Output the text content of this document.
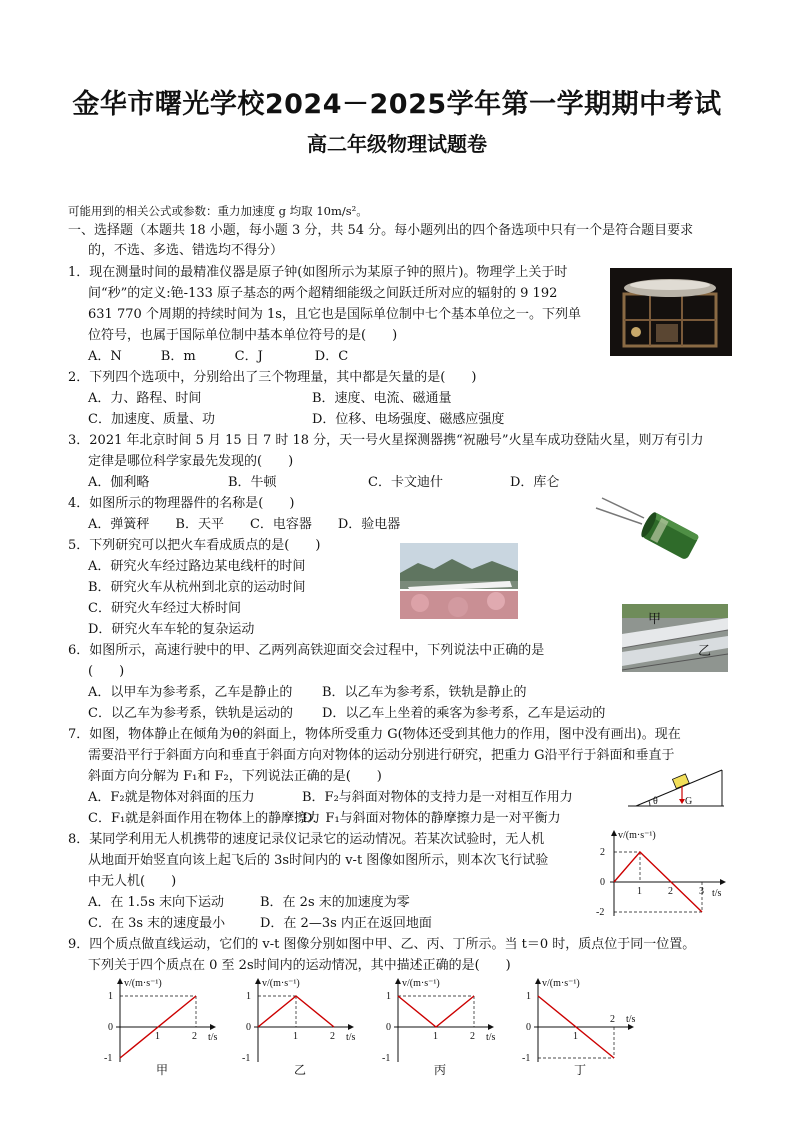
金华市曙光学校2024－2025学年第一学期期中考试
高二年级物理试题卷
可能用到的相关公式或参数：重力加速度 g 均取 10m/s²。
一、选择题（本题共 18 小题，每小题 3 分，共 54 分。每小题列出的四个备选项中只有一个是符合题目要求
的，不选、多选、错选均不得分）
1．现在测量时间的最精准仪器是原子钟(如图所示为某原子钟的照片)。物理学上关于时
间“秒”的定义:铯-133 原子基态的两个超精细能级之间跃迁所对应的辐射的 9 192
631 770 个周期的持续时间为 1s，且它也是国际单位制中七个基本单位之一。下列单
位符号，也属于国际单位制中基本单位符号的是(　　)
A．N　　　B．m　　　C．J　　　　D．C
2．下列四个选项中，分别给出了三个物理量，其中都是矢量的是(　　)
A．力、路程、时间	B．速度、电流、磁通量
C．加速度、质量、功	D．位移、电场强度、磁感应强度
3．2021 年北京时间 5 月 15 日 7 时 18 分，天一号火星探测器携“祝融号”火星车成功登陆火星，则万有引力
定律是哪位科学家最先发现的(　　)
A．伽利略	B．牛顿	C．卡文迪什	D．库仑
4．如图所示的物理器件的名称是(　　)
A．弹簧秤　　B．天平　　C．电容器　　D．验电器
5．下列研究可以把火车看成质点的是(　　)
A．研究火车经过路边某电线杆的时间
B．研究火车从杭州到北京的运动时间
C．研究火车经过大桥时间
D．研究火车车轮的复杂运动
6．如图所示，高速行驶中的甲、乙两列高铁迎面交会过程中，下列说法中正确的是
(　　)
A．以甲车为参考系，乙车是静止的 B．以乙车为参考系，铁轨是静止的
C．以乙车为参考系，铁轨是运动的 D．以乙车上坐着的乘客为参考系，乙车是运动的
甲
乙
7．如图，物体静止在倾角为θ的斜面上，物体所受重力 G(物体还受到其他力的作用，图中没有画出)。现在
需要沿平行于斜面方向和垂直于斜面方向对物体的运动分别进行研究，把重力 G沿平行于斜面和垂直于
斜面方向分解为 F₁和 F₂，下列说法正确的是(　　)
A．F₂就是物体对斜面的压力	B．F₂与斜面对物体的支持力是一对相互作用力
C．F₁就是斜面作用在物体上的静摩擦力
D．F₁与斜面对物体的静摩擦力是一对平衡力
θ	G
8．某同学利用无人机携带的速度记录仪记录它的运动情况。若某次试验时，无人机
从地面开始竖直向该上起飞后的 3s时间内的 v-t 图像如图所示，则本次飞行试验
中无人机(　　)
A．在 1.5s 末向下运动	B．在 2s 末的加速度为零
C．在 3s 末的速度最小	D．在 2—3s 内正在返回地面
v/(m·s⁻¹)
t/s
2
0
-2
1	2	3
9．四个质点做直线运动，它们的 v-t 图像分别如图中甲、乙、丙、丁所示。当 t＝0 时，质点位于同一位置。
下列关于四个质点在 0 至 2s时间内的运动情况，其中描述正确的是(　　)
v/(m·s⁻¹)
t/s
1
0
-1
1	2
甲
v/(m·s⁻¹)
t/s
1
0
-1
1	2
乙
v/(m·s⁻¹)
t/s
1
0
-1
1	2
丙
v/(m·s⁻¹)
t/s
1
0
-1
1
2
丁
